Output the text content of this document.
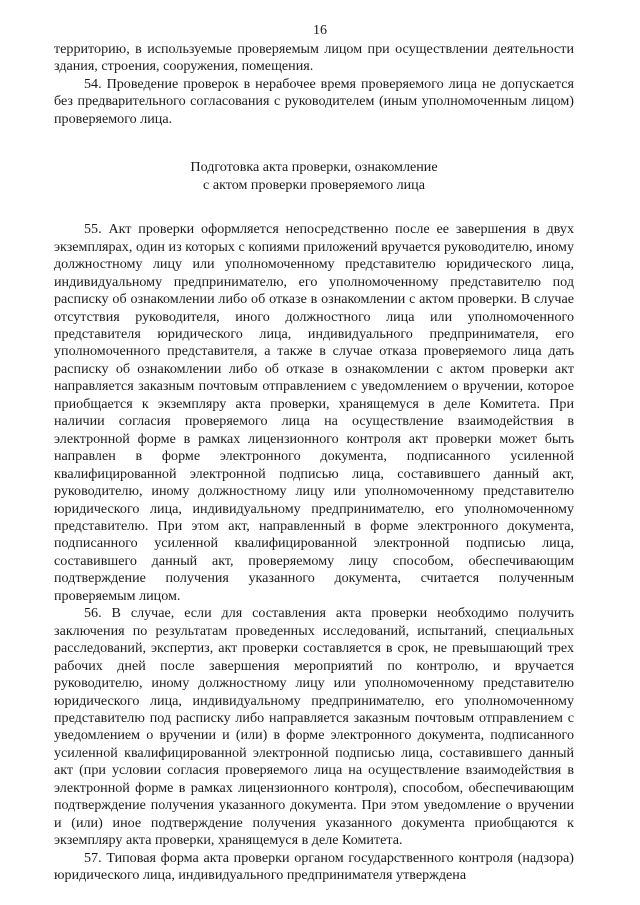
16

территорию, в используемые проверяемым лицом при осуществлении деятельности здания, строения, сооружения, помещения.

54. Проведение проверок в нерабочее время проверяемого лица не допускается без предварительного согласования с руководителем (иным уполномоченным лицом) проверяемого лица.

Подготовка акта проверки, ознакомление
с актом проверки проверяемого лица

55. Акт проверки оформляется непосредственно после ее завершения в двух экземплярах, один из которых с копиями приложений вручается руководителю, иному должностному лицу или уполномоченному представителю юридического лица, индивидуальному предпринимателю, его уполномоченному представителю под расписку об ознакомлении либо об отказе в ознакомлении с актом проверки. В случае отсутствия руководителя, иного должностного лица или уполномоченного представителя юридического лица, индивидуального предпринимателя, его уполномоченного представителя, а также в случае отказа проверяемого лица дать расписку об ознакомлении либо об отказе в ознакомлении с актом проверки акт направляется заказным почтовым отправлением с уведомлением о вручении, которое приобщается к экземпляру акта проверки, хранящемуся в деле Комитета. При наличии согласия проверяемого лица на осуществление взаимодействия в электронной форме в рамках лицензионного контроля акт проверки может быть направлен в форме электронного документа, подписанного усиленной квалифицированной электронной подписью лица, составившего данный акт, руководителю, иному должностному лицу или уполномоченному представителю юридического лица, индивидуальному предпринимателю, его уполномоченному представителю. При этом акт, направленный в форме электронного документа, подписанного усиленной квалифицированной электронной подписью лица, составившего данный акт, проверяемому лицу способом, обеспечивающим подтверждение получения указанного документа, считается полученным проверяемым лицом.

56. В случае, если для составления акта проверки необходимо получить заключения по результатам проведенных исследований, испытаний, специальных расследований, экспертиз, акт проверки составляется в срок, не превышающий трех рабочих дней после завершения мероприятий по контролю, и вручается руководителю, иному должностному лицу или уполномоченному представителю юридического лица, индивидуальному предпринимателю, его уполномоченному представителю под расписку либо направляется заказным почтовым отправлением с уведомлением о вручении и (или) в форме электронного документа, подписанного усиленной квалифицированной электронной подписью лица, составившего данный акт (при условии согласия проверяемого лица на осуществление взаимодействия в электронной форме в рамках лицензионного контроля), способом, обеспечивающим подтверждение получения указанного документа. При этом уведомление о вручении и (или) иное подтверждение получения указанного документа приобщаются к экземпляру акта проверки, хранящемуся в деле Комитета.

57. Типовая форма акта проверки органом государственного контроля (надзора) юридического лица, индивидуального предпринимателя утверждена
